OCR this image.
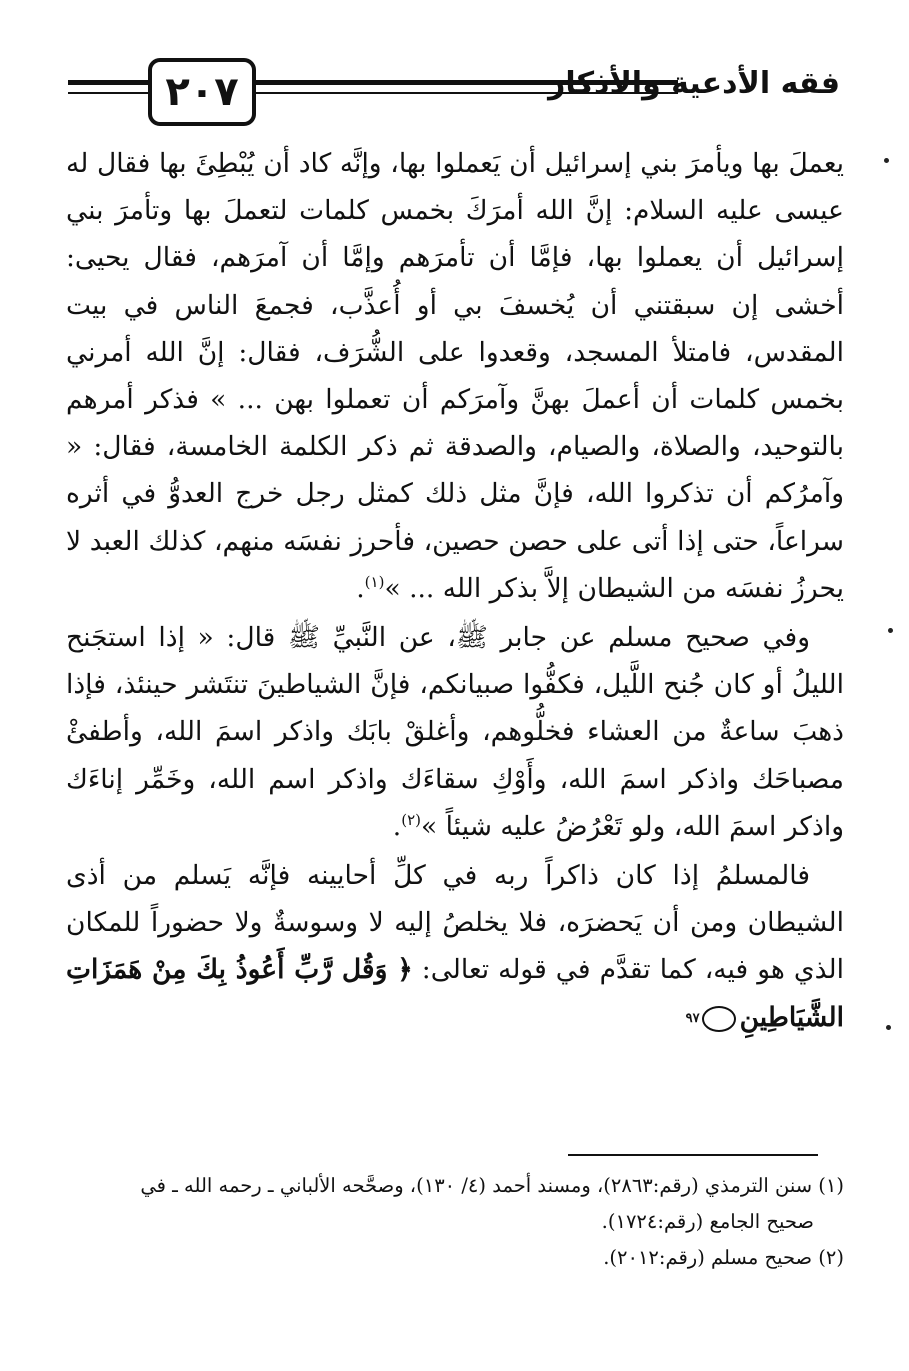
٢٠٧	فقه الأدعية والأذكار

يعملَ بها ويأمرَ بني إسرائيل أن يَعملوا بها، وإنَّه كاد أن يُبْطِئَ بها فقال له عيسى عليه السلام: إنَّ الله أمرَكَ بخمس كلمات لتعملَ بها وتأمرَ بني إسرائيل أن يعملوا بها، فإمَّا أن تأمرَهم وإمَّا أن آمرَهم، فقال يحيى: أخشى إن سبقتني أن يُخسفَ بي أو أُعذَّب، فجمعَ الناس في بيت المقدس، فامتلأ المسجد، وقعدوا على الشُّرَف، فقال: إنَّ الله أمرني بخمس كلمات أن أعملَ بهنَّ وآمرَكم أن تعملوا بهن ... » فذكر أمرهم بالتوحيد، والصلاة، والصيام، والصدقة ثم ذكر الكلمة الخامسة، فقال: « وآمرُكم أن تذكروا الله، فإنَّ مثل ذلك كمثل رجل خرج العدوُّ في أثره سراعاً، حتى إذا أتى على حصن حصين، فأحرز نفسَه منهم، كذلك العبد لا يحرزُ نفسَه من الشيطان إلاَّ بذكر الله ... »$^{(١)}$.

وفي صحيح مسلم عن جابر ﷺ، عن النَّبيِّ ﷺ قال: « إذا استجَنح الليلُ أو كان جُنح اللَّيل، فكفُّوا صبيانكم، فإنَّ الشياطينَ تنتَشر حينئذ، فإذا ذهبَ ساعةٌ من العشاء فخلُّوهم، وأغلقْ بابَك واذكر اسمَ الله، وأطفئْ مصباحَك واذكر اسمَ الله، وأَوْكِ سقاءَك واذكر اسم الله، وخَمِّر إناءَك واذكر اسمَ الله، ولو تَعْرُضُ عليه شيئاً »$^{(٢)}$.

فالمسلمُ إذا كان ذاكراً ربه في كلِّ أحايينه فإنَّه يَسلم من أذى الشيطان ومن أن يَحضرَه، فلا يخلصُ إليه لا وسوسةٌ ولا حضوراً للمكان الذي هو فيه، كما تقدَّم في قوله تعالى: ﴿ وَقُل رَّبِّ أَعُوذُ بِكَ مِنْ هَمَزَاتِ الشَّيَاطِينِ٩٧

(١) سنن الترمذي (رقم:٢٨٦٣)، ومسند أحمد (٤/ ١٣٠)، وصحَّحه الألباني ـ رحمه الله ـ في

صحيح الجامع (رقم:١٧٢٤).

(٢) صحيح مسلم (رقم:٢٠١٢).
